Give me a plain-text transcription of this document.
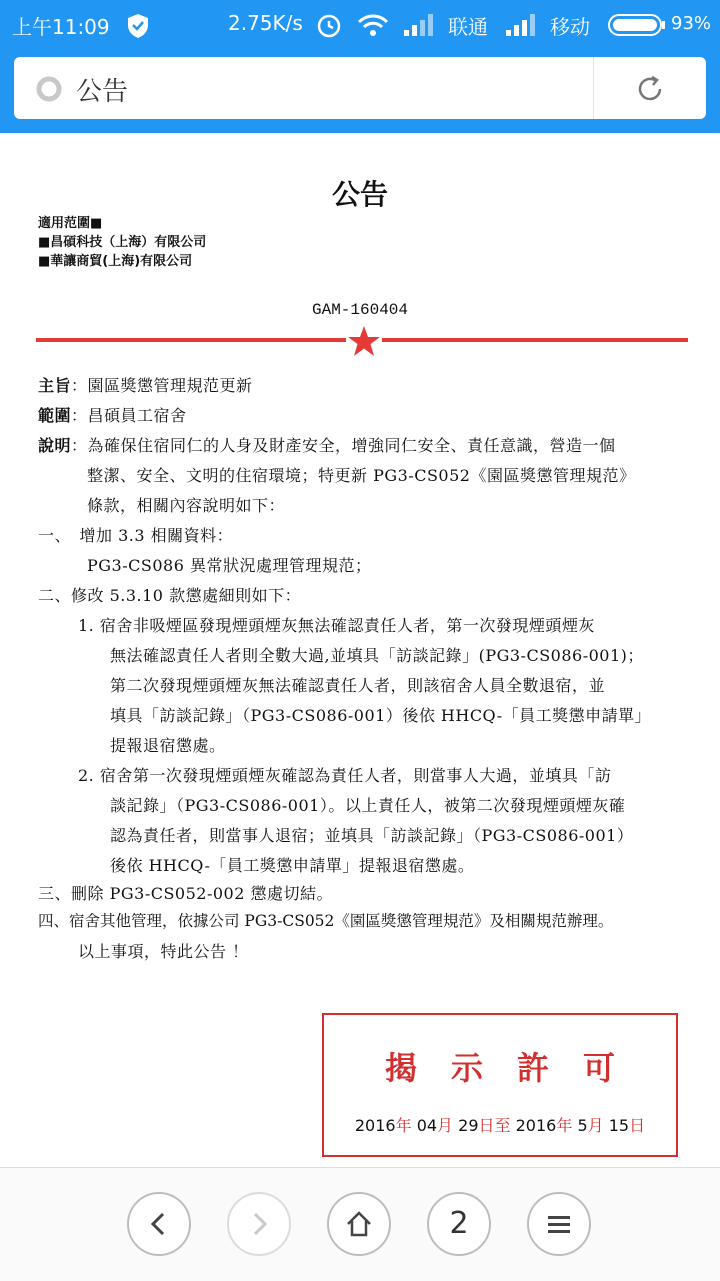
上午11:09	2.75K/s	联通	移动	93%
公告
公告
適用范圍■
■昌碩科技（上海）有限公司
■華讓商貿(上海)有限公司
GAM-160404
主旨：園區獎懲管理規范更新
範圍：昌碩員工宿舍
說明：為確保住宿同仁的人身及財產安全，增強同仁安全、責任意識，營造一個
整潔、安全、文明的住宿環境；特更新 PG3-CS052《園區獎懲管理規范》
條款，相關內容說明如下：
一、　增加 3.3 相關資料：
PG3-CS086 異常狀況處理管理規范；
二、修改 5.3.10 款懲處細則如下：
1. 宿舍非吸煙區發現煙頭煙灰無法確認責任人者，第一次發現煙頭煙灰
無法確認責任人者則全數大過,並填具「訪談記錄」(PG3-CS086-001)；
第二次發現煙頭煙灰無法確認責任人者，則該宿舍人員全數退宿，並
填具「訪談記錄」（PG3-CS086-001）後依 HHCQ-「員工獎懲申請單」
提報退宿懲處。
2. 宿舍第一次發現煙頭煙灰確認為責任人者，則當事人大過，並填具「訪
談記錄」（PG3-CS086-001）。以上責任人，被第二次發現煙頭煙灰確
認為責任者，則當事人退宿；並填具「訪談記錄」（PG3-CS086-001）
後依 HHCQ-「員工獎懲申請單」提報退宿懲處。
三、刪除 PG3-CS052-002 懲處切結。
四、宿舍其他管理，依據公司 PG3-CS052《園區獎懲管理規范》及相關規范辦理。
以上事項，特此公告 ！
揭示許可
2016年 04月 29日至 2016年 5月 15日
2
